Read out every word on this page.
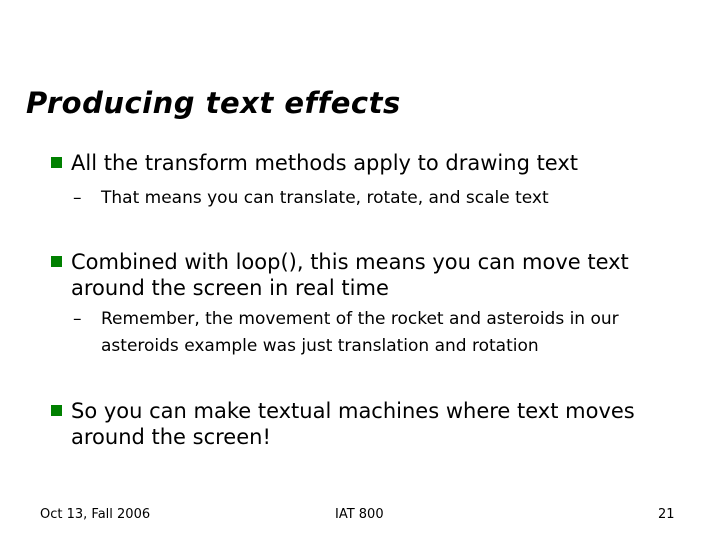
Producing text effects
All the transform methods apply to drawing text
– That means you can translate, rotate, and scale text
Combined with loop(), this means you can move text around the screen in real time
– Remember, the movement of the rocket and asteroids in our asteroids example was just translation and rotation
So you can make textual machines where text moves around the screen!
Oct 13, Fall 2006	IAT 800	21
